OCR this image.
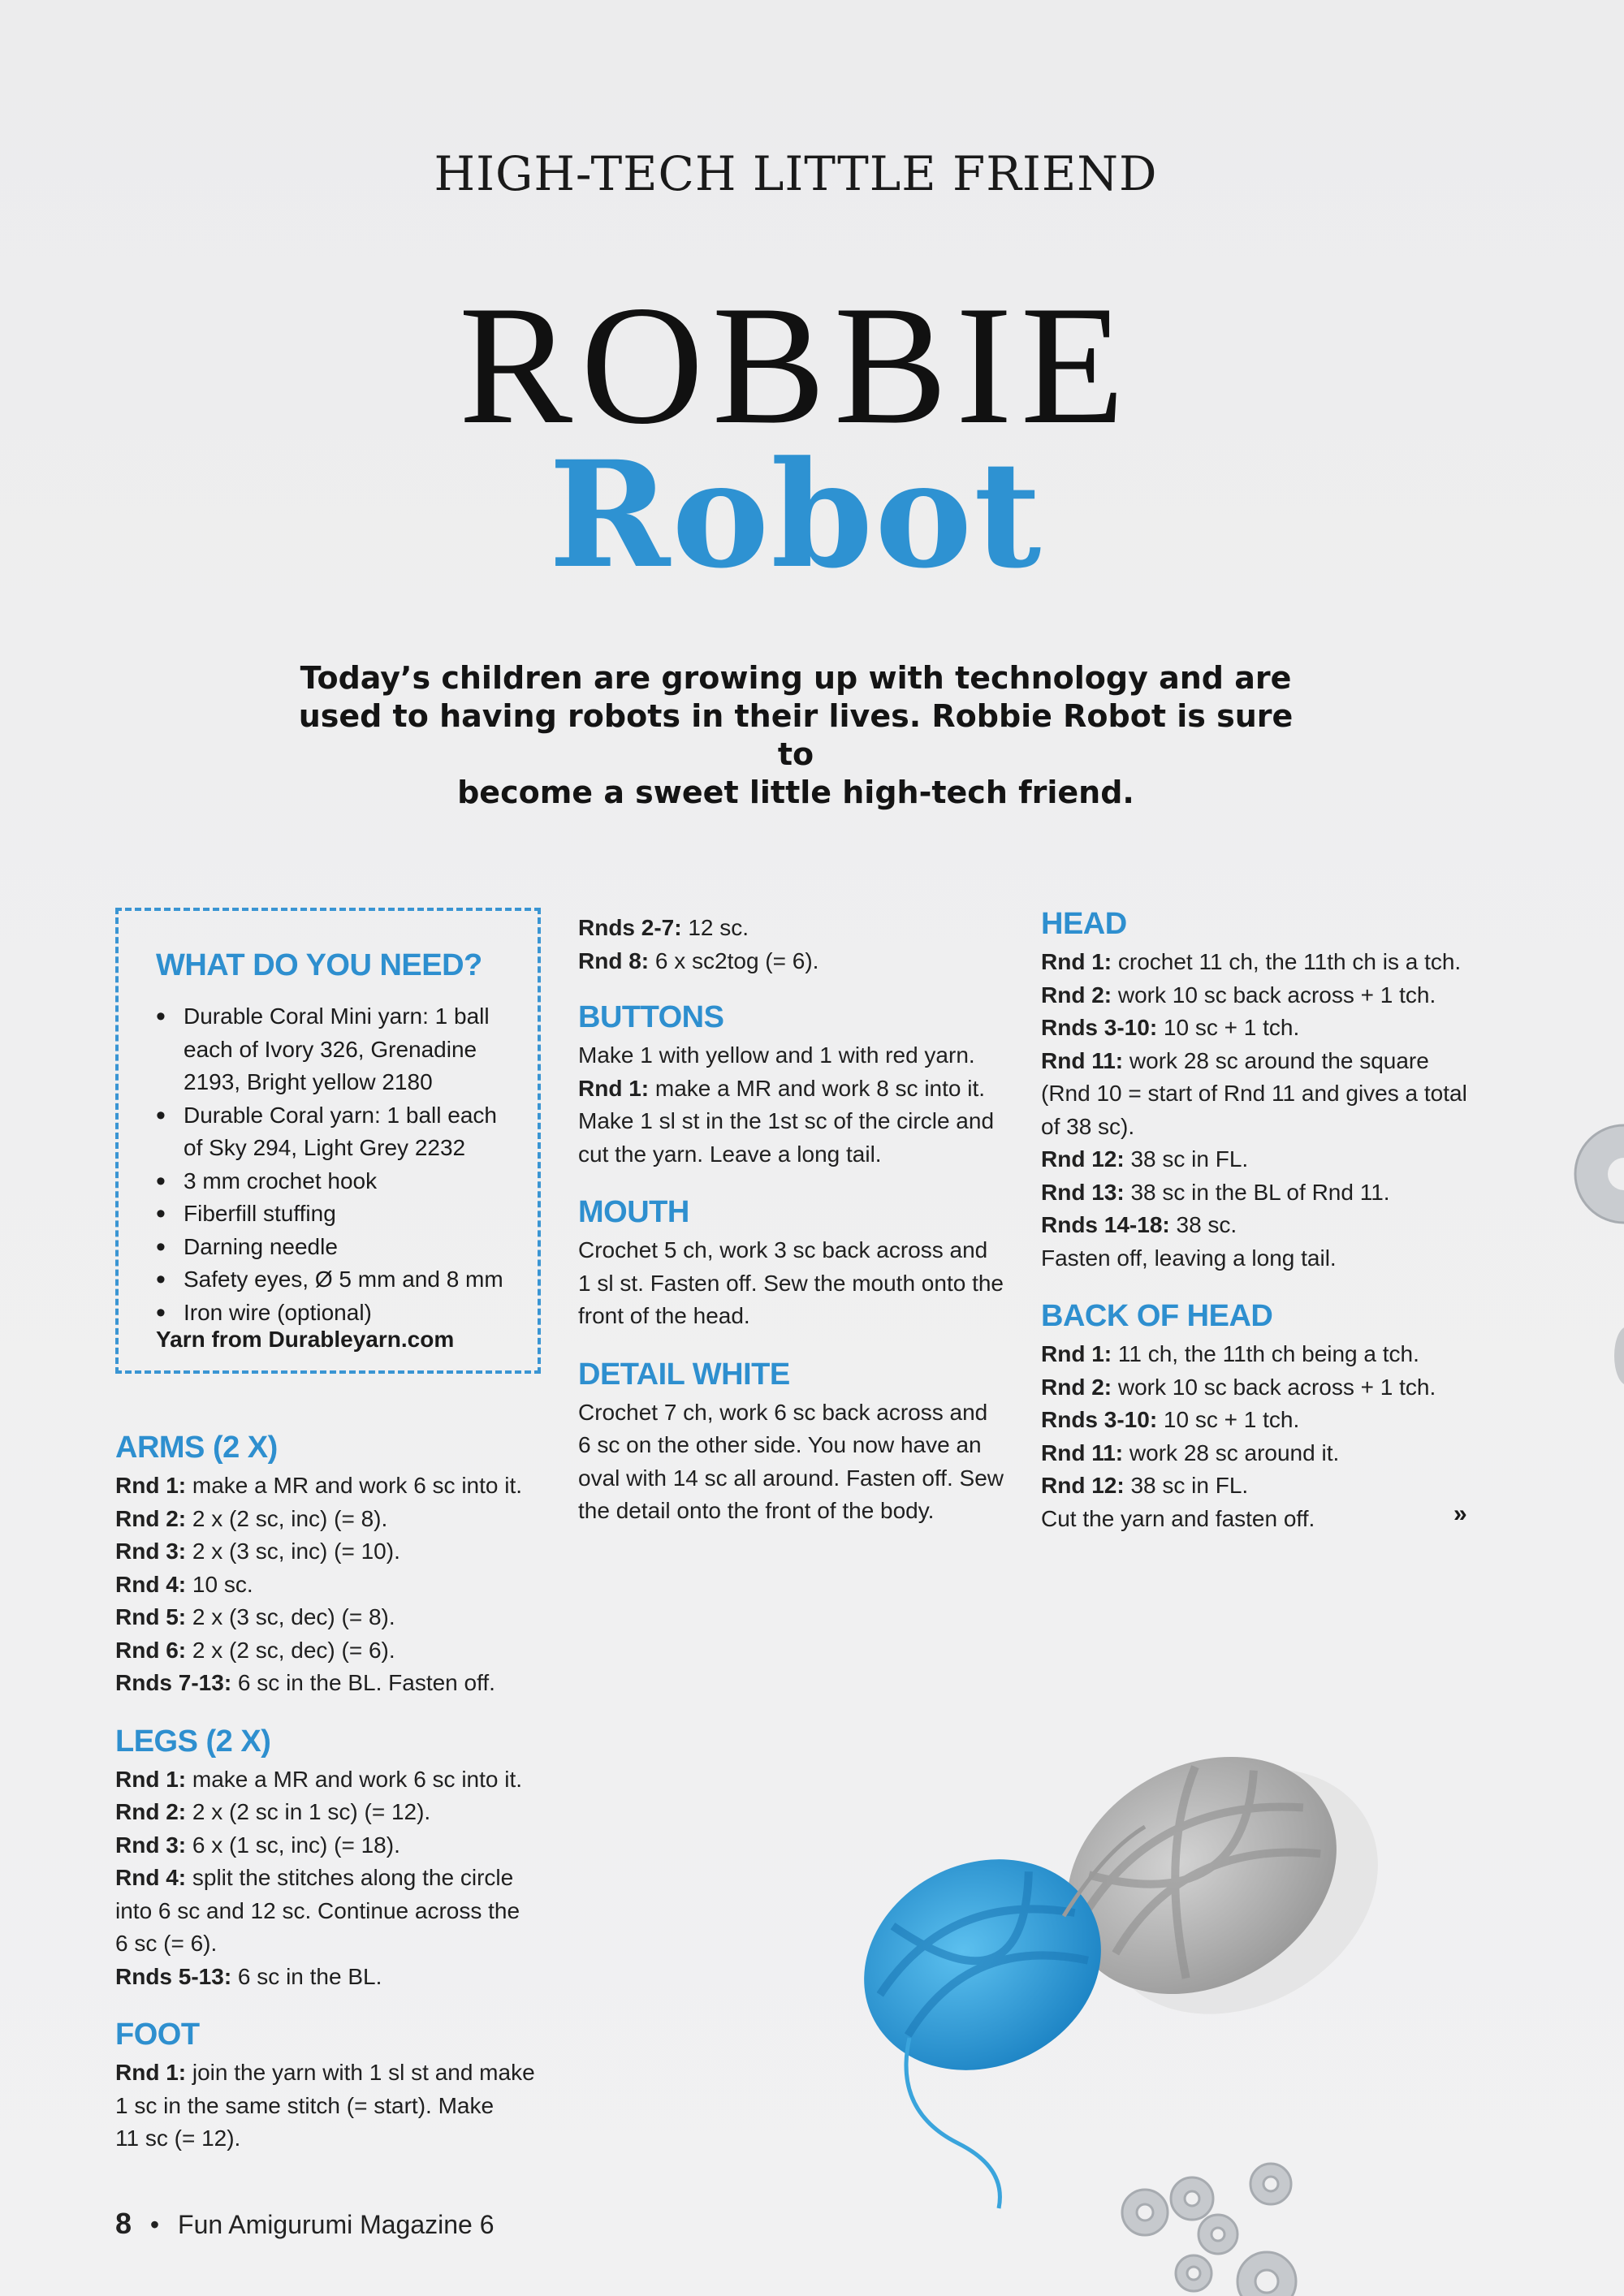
HIGH-TECH LITTLE FRIEND
ROBBIE
Robot
Today’s children are growing up with technology and are
used to having robots in their lives. Robbie Robot is sure to
become a sweet little high-tech friend.
WHAT DO YOU NEED?
• Durable Coral Mini yarn: 1 ball
each of Ivory 326, Grenadine
2193, Bright yellow 2180
• Durable Coral yarn: 1 ball each
of Sky 294, Light Grey 2232
• 3 mm crochet hook
• Fiberfill stuffing
• Darning needle
• Safety eyes, Ø 5 mm and 8 mm
• Iron wire (optional)
Yarn from Durableyarn.com
ARMS (2 X)
Rnd 1: make a MR and work 6 sc into it.
Rnd 2: 2 x (2 sc, inc) (= 8).
Rnd 3: 2 x (3 sc, inc) (= 10).
Rnd 4: 10 sc.
Rnd 5: 2 x (3 sc, dec) (= 8).
Rnd 6: 2 x (2 sc, dec) (= 6).
Rnds 7-13: 6 sc in the BL. Fasten off.
LEGS (2 X)
Rnd 1: make a MR and work 6 sc into it.
Rnd 2: 2 x (2 sc in 1 sc) (= 12).
Rnd 3: 6 x (1 sc, inc) (= 18).
Rnd 4: split the stitches along the circle
into 6 sc and 12 sc. Continue across the
6 sc (= 6).
Rnds 5-13: 6 sc in the BL.
FOOT
Rnd 1: join the yarn with 1 sl st and make
1 sc in the same stitch (= start). Make
11 sc (= 12).
Rnds 2-7: 12 sc.
Rnd 8: 6 x sc2tog (= 6).
BUTTONS
Make 1 with yellow and 1 with red yarn.
Rnd 1: make a MR and work 8 sc into it.
Make 1 sl st in the 1st sc of the circle and
cut the yarn. Leave a long tail.
MOUTH
Crochet 5 ch, work 3 sc back across and
1 sl st. Fasten off. Sew the mouth onto the
front of the head.
DETAIL WHITE
Crochet 7 ch, work 6 sc back across and
6 sc on the other side. You now have an
oval with 14 sc all around. Fasten off. Sew
the detail onto the front of the body.
HEAD
Rnd 1: crochet 11 ch, the 11th ch is a tch.
Rnd 2: work 10 sc back across + 1 tch.
Rnds 3-10: 10 sc + 1 tch.
Rnd 11: work 28 sc around the square
(Rnd 10 = start of Rnd 11 and gives a total
of 38 sc).
Rnd 12: 38 sc in FL.
Rnd 13: 38 sc in the BL of Rnd 11.
Rnds 14-18: 38 sc.
Fasten off, leaving a long tail.
BACK OF HEAD
Rnd 1: 11 ch, the 11th ch being a tch.
Rnd 2: work 10 sc back across + 1 tch.
Rnds 3-10: 10 sc + 1 tch.
Rnd 11: work 28 sc around it.
Rnd 12: 38 sc in FL.
Cut the yarn and fasten off.	»
8 • Fun Amigurumi Magazine 6
